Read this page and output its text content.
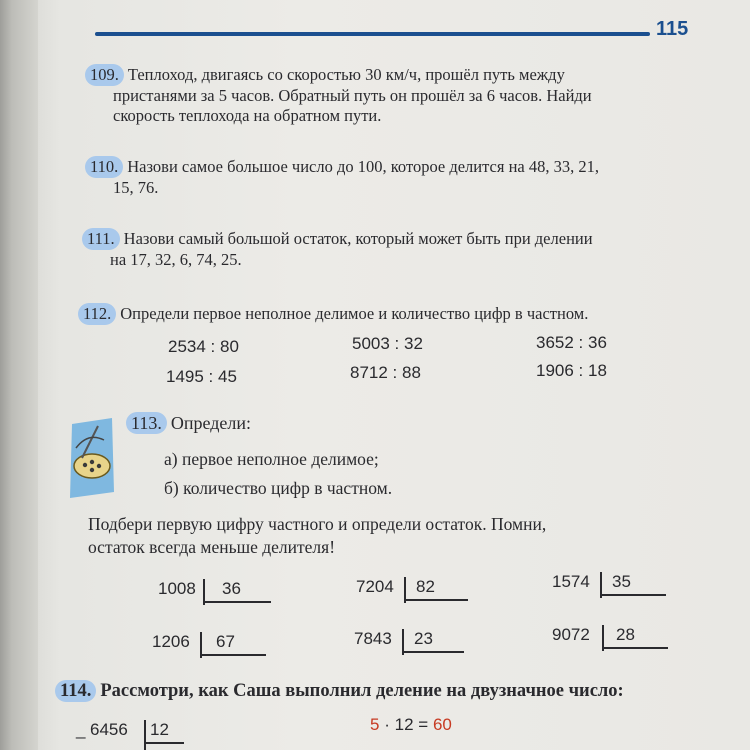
115
109. Теплоход, двигаясь со скоростью 30 км/ч, прошёл путь между
пристанями за 5 часов. Обратный путь он прошёл за 6 часов. Найди
скорость теплохода на обратном пути.
110. Назови самое большое число до 100, которое делится на 48, 33, 21,
15, 76.
111. Назови самый большой остаток, который может быть при делении
на 17, 32, 6, 74, 25.
112. Определи первое неполное делимое и количество цифр в частном.
2534 : 80	5003 : 32	3652 : 36
1495 : 45	8712 : 88	1906 : 18
113. Определи:
а) первое неполное делимое;
б) количество цифр в частном.
Подбери первую цифру частного и определи остаток. Помни,
остаток всегда меньше делителя!
1008 36	7204 82	1574 35
1206 67	7843 23	9072 28
114. Рассмотри, как Саша выполнил деление на двузначное число:
_ 6456 12	5 · 12 = 60
